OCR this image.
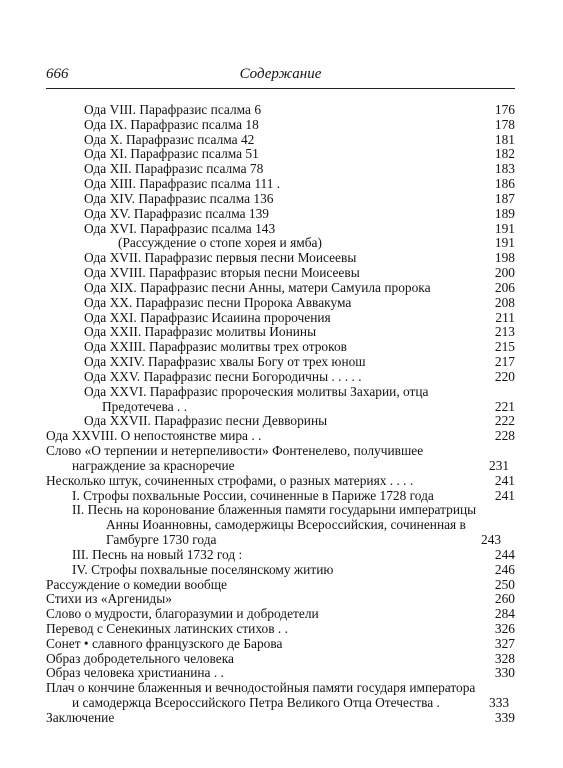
666	Содержание
Ода VIII. Парафразис псалма 6	176
Ода IX. Парафразис псалма 18	178
Ода X. Парафразис псалма 42	181
Ода XI. Парафразис псалма 51	182
Ода XII. Парафразис псалма 78	183
Ода XIII. Парафразис псалма 111 .	186
Ода XIV. Парафразис псалма 136	187
Ода XV. Парафразис псалма 139	189
Ода XVI. Парафразис псалма 143	191
(Рассуждение о стопе хорея и ямба)	191
Ода XVII. Парафразис первыя песни Моисеевы	198
Ода XVIII. Парафразис вторыя песни Моисеевы	200
Ода XIX. Парафразис песни Анны, матери Самуила пророка	206
Ода XX. Парафразис песни Пророка Аввакума	208
Ода XXI. Парафразис Исаиина пророчения	211
Ода XXII. Парафразис молитвы Ионины	213
Ода XXIII. Парафразис молитвы трех отроков	215
Ода XXIV. Парафразис хвалы Богу от трех юнош	217
Ода XXV. Парафразис песни Богородичны . . . . .	220
Ода XXVI. Парафразис пророческия молитвы Захарии, отца Предотечева . .	221
Ода XXVII. Парафразис песни Девворины	222
Ода XXVIII. О непостоянстве мира . .	228
Слово «О терпении и нетерпеливости» Фонтенелево, получившее награждение за красноречие	231
Несколько штук, сочиненных строфами, о разных материях . . . .	241
I. Строфы похвальные России, сочиненные в Париже 1728 года	241
II. Песнь на коронование блаженныя памяти государыни императрицы Анны Иоанновны, самодержицы Всероссийския, сочиненная в Гамбурге 1730 года	243
III. Песнь на новый 1732 год :	244
IV. Строфы похвальные поселянскому житию	246
Рассуждение о комедии вообще	250
Стихи из «Аргениды»	260
Слово о мудрости, благоразумии и добродетели	284
Перевод с Сенекиных латинских стихов . .	326
Сонет • славного французского де Барова	327
Образ добродетельного человека	328
Образ человека христианина . .	330
Плач о кончине блаженныя и вечнодостойныя памяти государя императора и самодержца Всероссийского Петра Великого Отца Отечества .	333
Заключение	339
